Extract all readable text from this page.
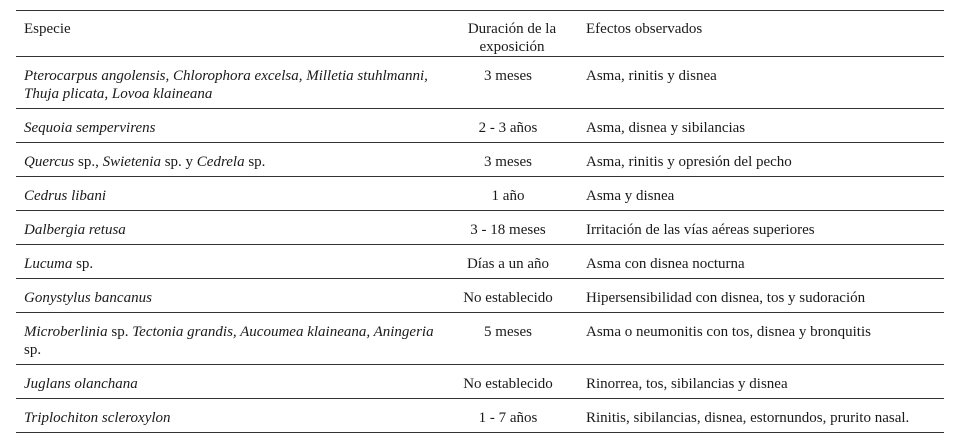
Especie	Duración de la exposición	Efectos observados
Pterocarpus angolensis, Chlorophora excelsa, Milletia stuhlmanni, Thuja plicata, Lovoa klaineana	3 meses	Asma, rinitis y disnea
Sequoia sempervirens	2 - 3 años	Asma, disnea y sibilancias
Quercus sp., Swietenia sp. y Cedrela sp.	3 meses	Asma, rinitis y opresión del pecho
Cedrus libani	1 año	Asma y disnea
Dalbergia retusa	3 - 18 meses	Irritación de las vías aéreas superiores
Lucuma sp.	Días a un año	Asma con disnea nocturna
Gonystylus bancanus	No establecido	Hipersensibilidad con disnea, tos y sudoración
Microberlinia sp. Tectonia grandis, Aucoumea klaineana, Aningeria sp.	5 meses	Asma o neumonitis con tos, disnea y bronquitis
Juglans olanchana	No establecido	Rinorrea, tos, sibilancias y disnea
Triplochiton scleroxylon	1 - 7 años	Rinitis, sibilancias, disnea, estornundos, prurito nasal.
